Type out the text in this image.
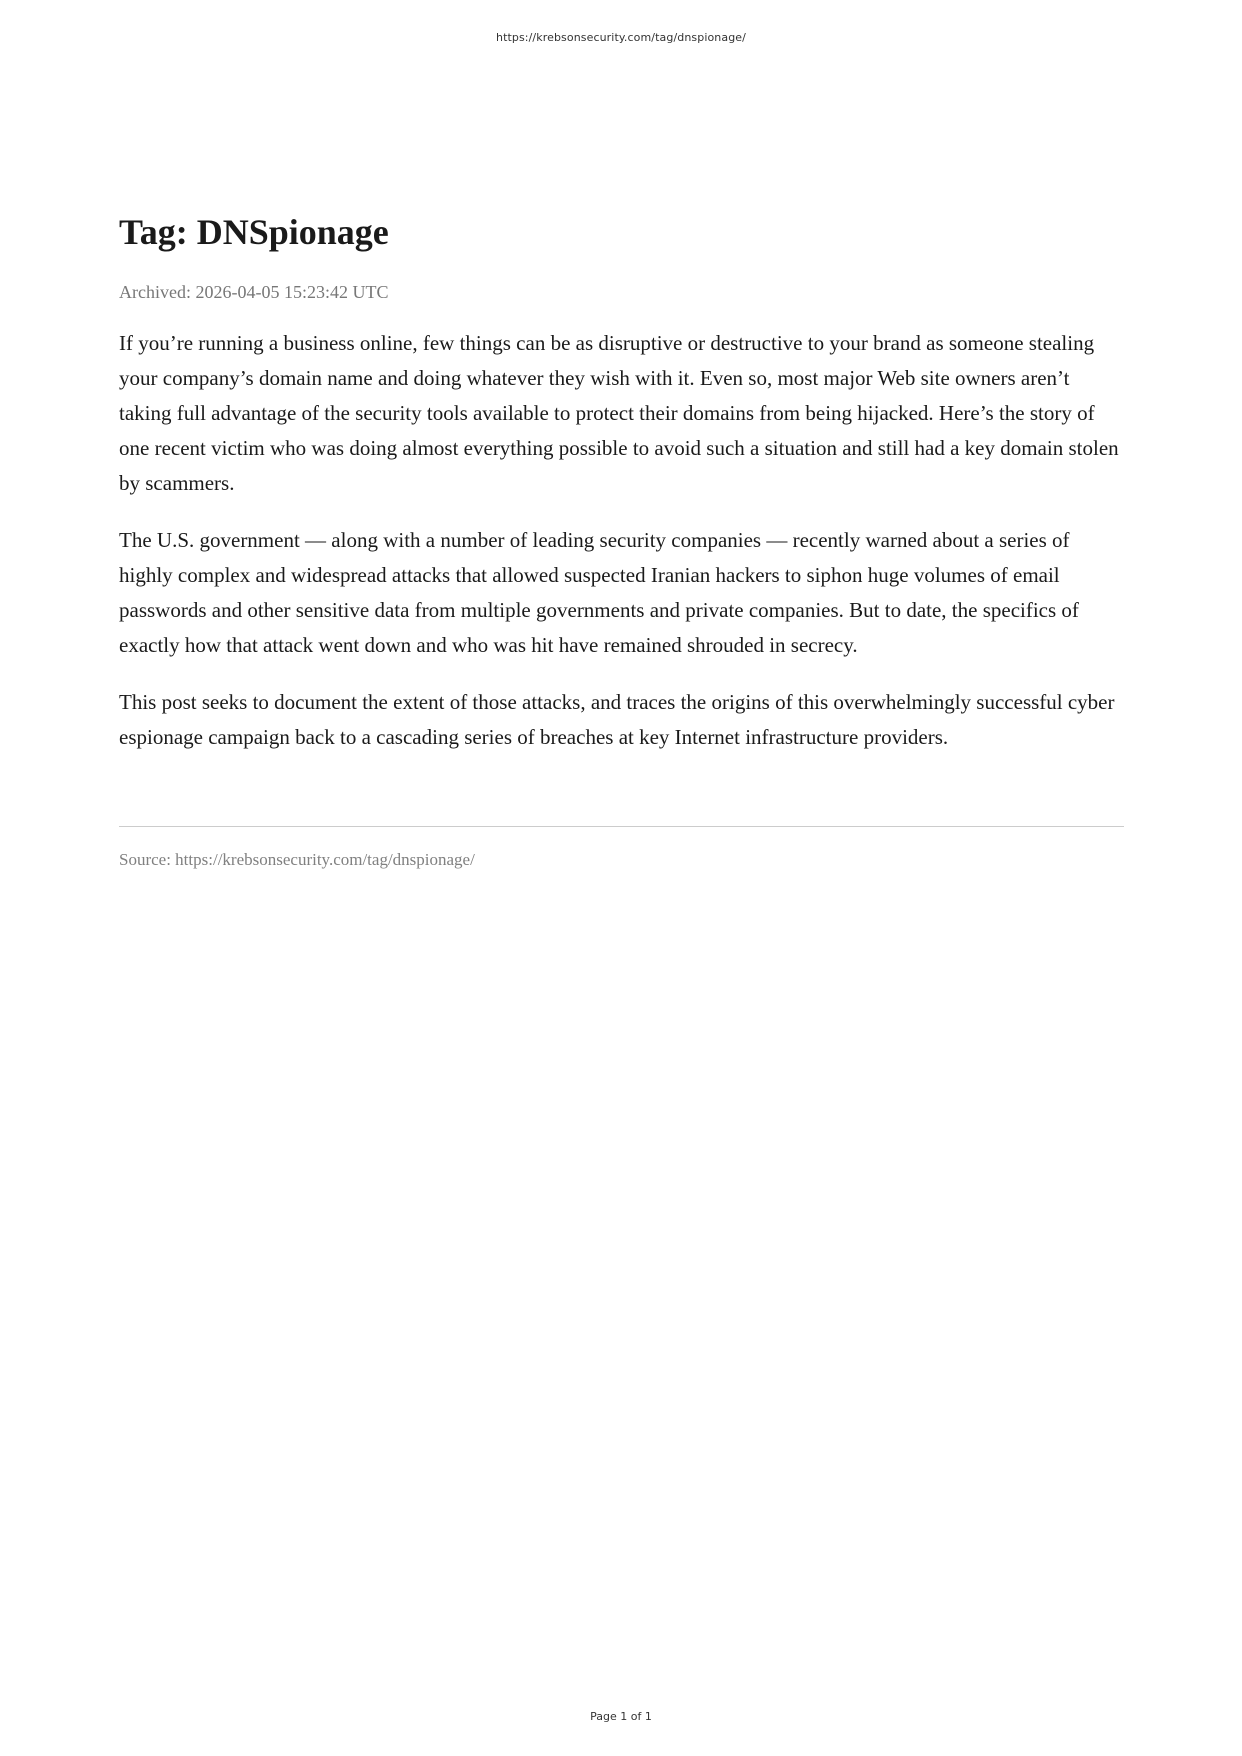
https://krebsonsecurity.com/tag/dnspionage/
Tag: DNSpionage
Archived: 2026-04-05 15:23:42 UTC

If you’re running a business online, few things can be as disruptive or destructive to your brand as someone stealing your company’s domain name and doing whatever they wish with it. Even so, most major Web site owners aren’t taking full advantage of the security tools available to protect their domains from being hijacked. Here’s the story of one recent victim who was doing almost everything possible to avoid such a situation and still had a key domain stolen by scammers.

The U.S. government — along with a number of leading security companies — recently warned about a series of highly complex and widespread attacks that allowed suspected Iranian hackers to siphon huge volumes of email passwords and other sensitive data from multiple governments and private companies. But to date, the specifics of exactly how that attack went down and who was hit have remained shrouded in secrecy.

This post seeks to document the extent of those attacks, and traces the origins of this overwhelmingly successful cyber espionage campaign back to a cascading series of breaches at key Internet infrastructure providers.

Source: https://krebsonsecurity.com/tag/dnspionage/
Page 1 of 1
